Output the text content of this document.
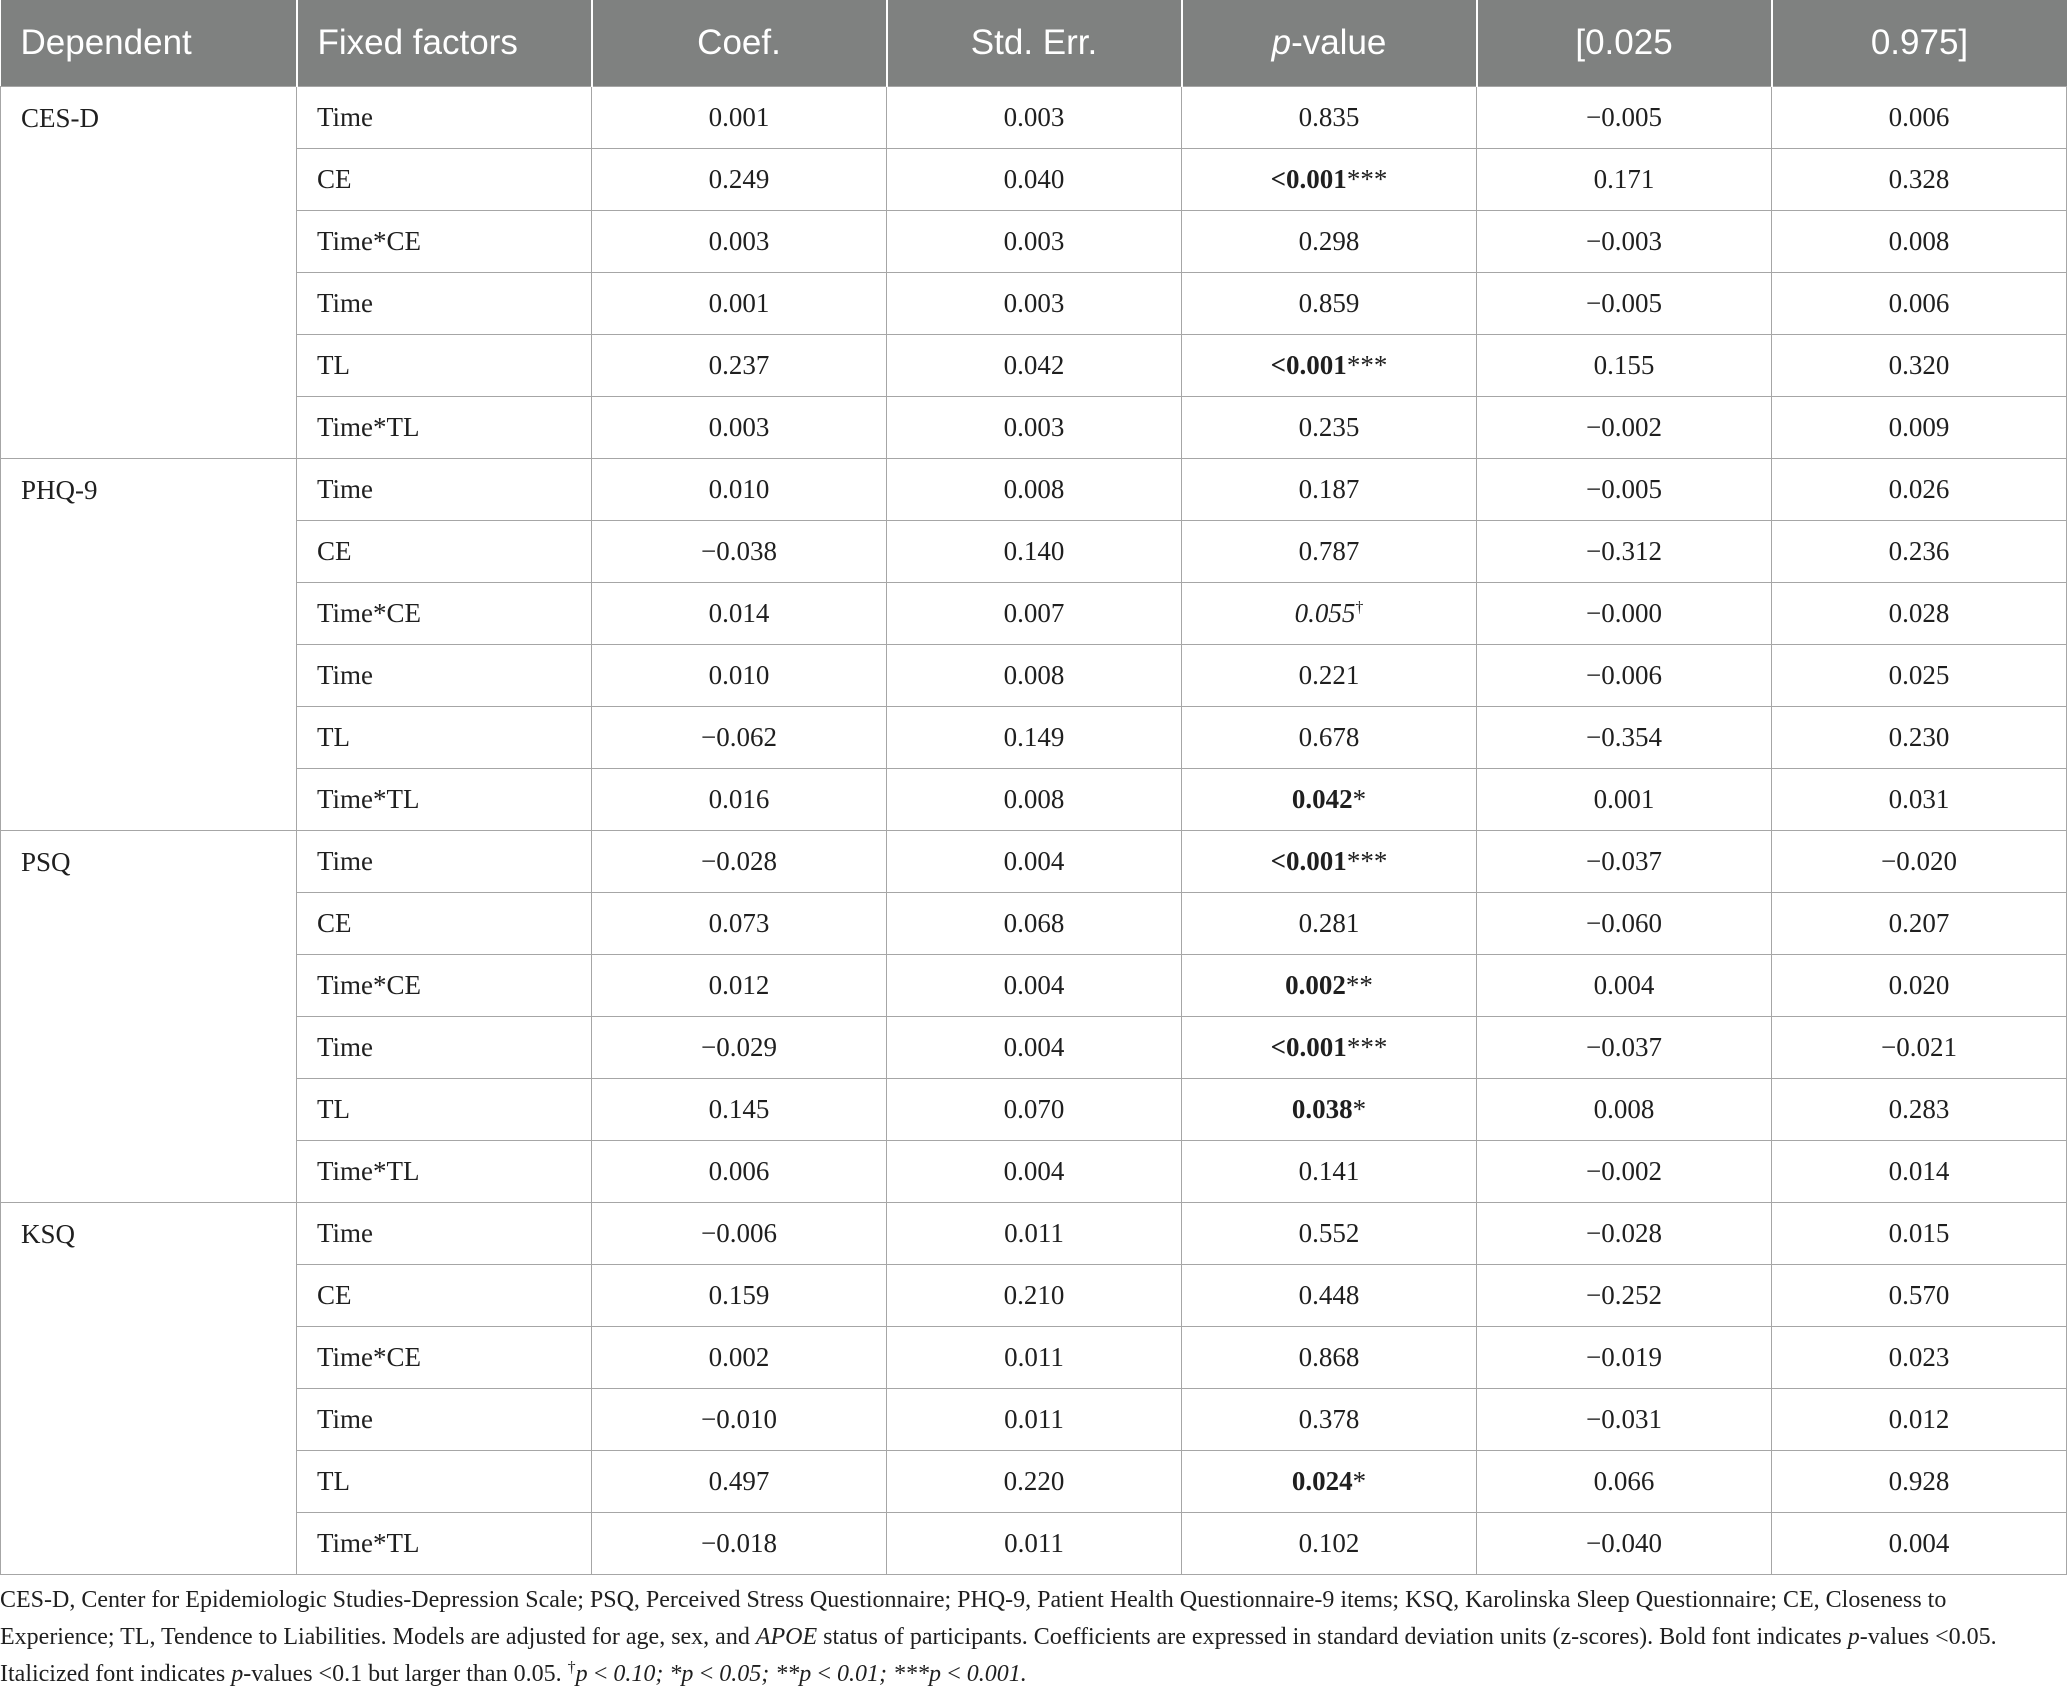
Dependent	Fixed factors	Coef.	Std. Err.	p-value	[0.025	0.975]
CES-D	Time	0.001	0.003	0.835	−0.005	0.006
	CE	0.249	0.040	<0.001***	0.171	0.328
	Time*CE	0.003	0.003	0.298	−0.003	0.008
	Time	0.001	0.003	0.859	−0.005	0.006
	TL	0.237	0.042	<0.001***	0.155	0.320
	Time*TL	0.003	0.003	0.235	−0.002	0.009
PHQ-9	Time	0.010	0.008	0.187	−0.005	0.026
	CE	−0.038	0.140	0.787	−0.312	0.236
	Time*CE	0.014	0.007	0.055†	−0.000	0.028
	Time	0.010	0.008	0.221	−0.006	0.025
	TL	−0.062	0.149	0.678	−0.354	0.230
	Time*TL	0.016	0.008	0.042*	0.001	0.031
PSQ	Time	−0.028	0.004	<0.001***	−0.037	−0.020
	CE	0.073	0.068	0.281	−0.060	0.207
	Time*CE	0.012	0.004	0.002**	0.004	0.020
	Time	−0.029	0.004	<0.001***	−0.037	−0.021
	TL	0.145	0.070	0.038*	0.008	0.283
	Time*TL	0.006	0.004	0.141	−0.002	0.014
KSQ	Time	−0.006	0.011	0.552	−0.028	0.015
	CE	0.159	0.210	0.448	−0.252	0.570
	Time*CE	0.002	0.011	0.868	−0.019	0.023
	Time	−0.010	0.011	0.378	−0.031	0.012
	TL	0.497	0.220	0.024*	0.066	0.928
	Time*TL	−0.018	0.011	0.102	−0.040	0.004

CES-D, Center for Epidemiologic Studies-Depression Scale; PSQ, Perceived Stress Questionnaire; PHQ-9, Patient Health Questionnaire-9 items; KSQ, Karolinska Sleep Questionnaire; CE, Closeness to Experience; TL, Tendence to Liabilities. Models are adjusted for age, sex, and APOE status of participants. Coefficients are expressed in standard deviation units (z-scores). Bold font indicates p-values <0.05. Italicized font indicates p-values <0.1 but larger than 0.05. †p < 0.10; *p < 0.05; **p < 0.01; ***p < 0.001.
